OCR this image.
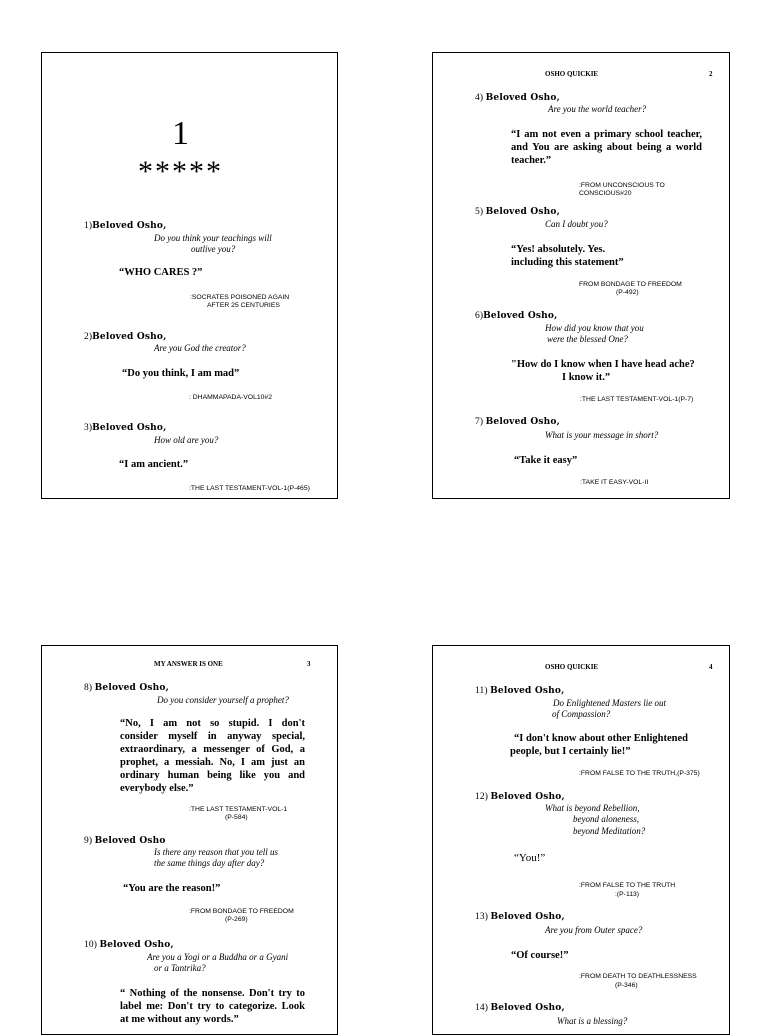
1
*****
1)Beloved Osho,
Do you think your teachings will
outlive you?
“WHO CARES ?”
:SOCRATES POISONED AGAIN
AFTER 25 CENTURIES
2)Beloved Osho,
Are you God the creator?
“Do you think, I am mad”
: DHAMMAPADA-VOL10#2
3)Beloved Osho,
How old are you?
“I am ancient.”
:THE LAST TESTAMENT-VOL-1(P-465)
OSHO QUICKIE	2
4) Beloved Osho,
Are you the world teacher?
“I am not even a primary school teacher,
and You are asking about being a world
teacher.”
:FROM UNCONSCIOUS TO
CONSCIOUS#20
5) Beloved Osho,
Can I doubt you?
“Yes! absolutely. Yes.
including this statement”
FROM BONDAGE TO FREEDOM
(P-492)
6)Beloved Osho,
How did you know that you
were the blessed One?
"How do I know when I have head ache?
I know it.”
:THE LAST TESTAMENT-VOL-1(P-7)
7) Beloved Osho,
What is your message in short?
“Take it easy”
:TAKE IT EASY-VOL-II
MY ANSWER IS ONE	3
8) Beloved Osho,
Do you consider yourself a prophet?
“No, I am not so stupid. I don't
consider myself in anyway special,
extraordinary, a messenger of God, a
prophet, a messiah. No, I am just an
ordinary human being like you and
everybody else.”
:THE LAST TESTAMENT-VOL-1
(P-584)
9) Beloved Osho
Is there any reason that you tell us
the same things day after day?
“You are the reason!”
:FROM BONDAGE TO FREEDOM
(P-269)
10) Beloved Osho,
Are you a Yogi or a Buddha or a Gyani
or a Tantrika?
“ Nothing of the nonsense. Don't try to
label me: Don't try to categorize. Look
at me without any words.”
OSHO QUICKIE	4
11) Beloved Osho,
Do Enlightened Masters lie out
of Compassion?
“I don't know about other Enlightened
people, but I certainly lie!”
:FROM FALSE TO THE TRUTH,(P-375)
12) Beloved Osho,
What is beyond Rebellion,
beyond aloneness,
beyond Meditation?
“You!”
:FROM FALSE TO THE TRUTH
:(P-113)
13) Beloved Osho,
Are you from Outer space?
“Of course!”
:FROM DEATH TO DEATHLESSNESS
(P-346)
14) Beloved Osho,
What is a blessing?
